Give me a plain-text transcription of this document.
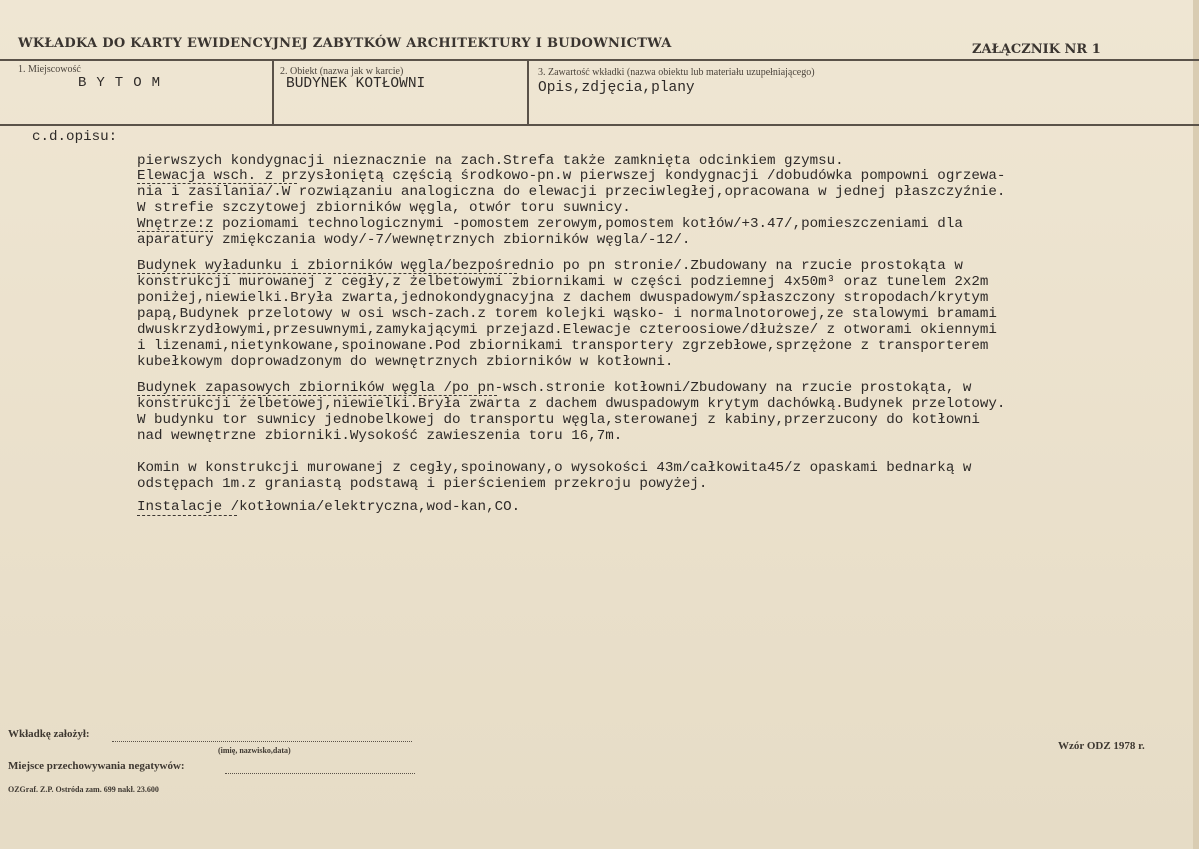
WKŁADKA DO KARTY EWIDENCYJNEJ ZABYTKÓW ARCHITEKTURY I BUDOWNICTWA	ZAŁĄCZNIK NR 1
1. Miejscowość
BYTOM
2. Obiekt (nazwa jak w karcie)
BUDYNEK KOTŁOWNI
3. Zawartość wkładki (nazwa obiektu lub materiału uzupełniającego)
Opis,zdjęcia,plany
c.d.opisu:
pierwszych kondygnacji nieznacznie na zach.Strefa także zamknięta odcinkiem gzymsu.
Elewacja wsch. z przysłoniętą częścią środkowo-pn.w pierwszej kondygnacji /dobudówka pompowni ogrzewa-
nia i zasilania/.W rozwiązaniu analogiczna do elewacji przeciwległej,opracowana w jednej płaszczyźnie.
W strefie szczytowej zbiorników węgla, otwór toru suwnicy.
Wnętrze:z poziomami technologicznymi -pomostem zerowym,pomostem kotłów/+3.47/,pomieszczeniami dla
aparatury zmiękczania wody/-7/wewnętrznych zbiorników węgla/-12/.
Budynek wyładunku i zbiorników węgla/bezpośrednio po pn stronie/.Zbudowany na rzucie prostokąta w
konstrukcji murowanej z cegły,z żelbetowymi zbiornikami w części podziemnej 4x50m³ oraz tunelem 2x2m
poniżej,niewielki.Bryła zwarta,jednokondygnacyjna z dachem dwuspadowym/spłaszczony stropodach/krytym
papą,Budynek przelotowy w osi wsch-zach.z torem kolejki wąsko- i normalnotorowej,ze stalowymi bramami
dwuskrzydłowymi,przesuwnymi,zamykającymi przejazd.Elewacje czteroosiowe/dłuższe/ z otworami okiennymi
i lizenami,nietynkowane,spoinowane.Pod zbiornikami transportery zgrzebłowe,sprzężone z transporterem
kubełkowym doprowadzonym do wewnętrznych zbiorników w kotłowni.
Budynek zapasowych zbiorników węgla /po pn-wsch.stronie kotłowni/Zbudowany na rzucie prostokąta, w
konstrukcji żelbetowej,niewielki.Bryła zwarta z dachem dwuspadowym krytym dachówką.Budynek przelotowy.
W budynku tor suwnicy jednobelkowej do transportu węgla,sterowanej z kabiny,przerzucony do kotłowni
nad wewnętrzne zbiorniki.Wysokość zawieszenia toru 16,7m.
Komin w konstrukcji murowanej z cegły,spoinowany,o wysokości 43m/całkowita45/z opaskami bednarką w
odstępach 1m.z graniastą podstawą i pierścieniem przekroju powyżej.
Instalacje /kotłownia/elektryczna,wod-kan,CO.
Wkładkę założył:
(imię, nazwisko,data)
Miejsce przechowywania negatywów:
OZGraf. Z.P. Ostróda zam. 699 nakł. 23.600
Wzór ODZ 1978 r.
